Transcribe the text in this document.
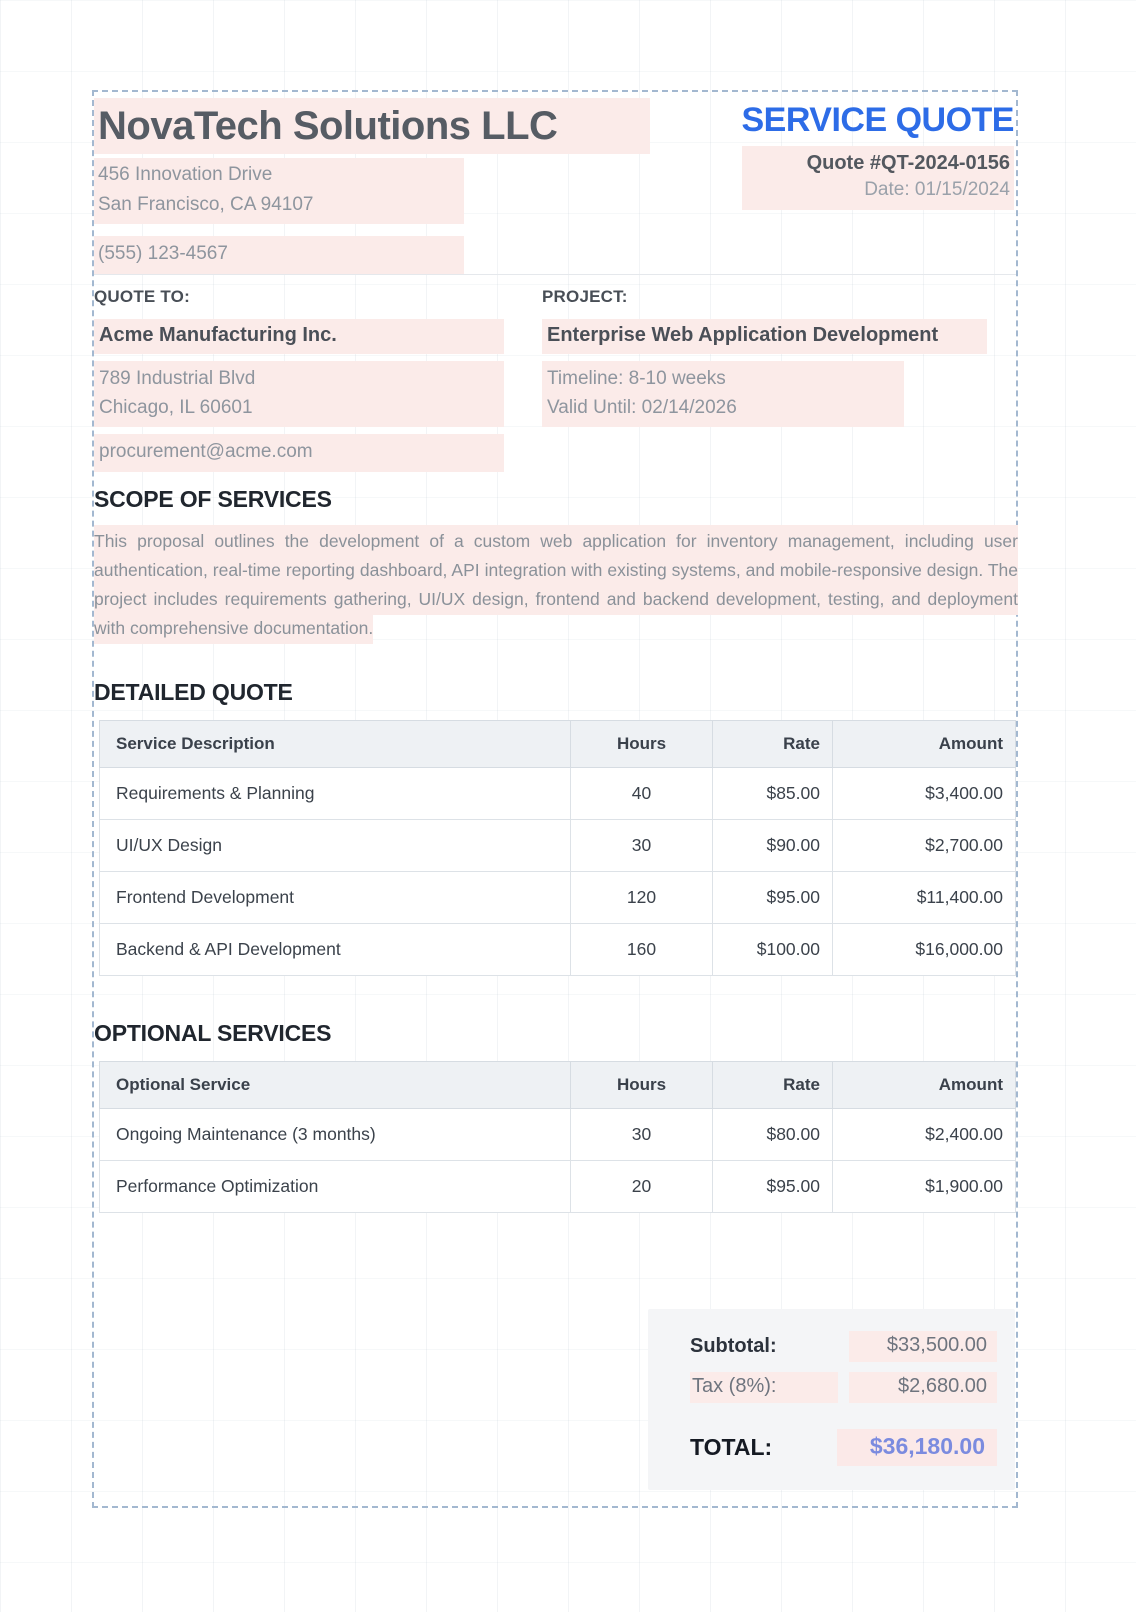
NovaTech Solutions LLC
456 Innovation Drive
San Francisco, CA 94107
(555) 123-4567
SERVICE QUOTE
Quote #QT-2024-0156
Date: 01/15/2024
QUOTE TO:
Acme Manufacturing Inc.
789 Industrial Blvd
Chicago, IL 60601
procurement@acme.com
PROJECT:
Enterprise Web Application Development
Timeline: 8-10 weeks
Valid Until: 02/14/2026
SCOPE OF SERVICES
This proposal outlines the development of a custom web application for inventory management, including user authentication, real-time reporting dashboard, API integration with existing systems, and mobile-responsive design. The project includes requirements gathering, UI/UX design, frontend and backend development, testing, and deployment with comprehensive documentation.
DETAILED QUOTE
Service Description	Hours	Rate	Amount
Requirements & Planning	40	$85.00	$3,400.00
UI/UX Design	30	$90.00	$2,700.00
Frontend Development	120	$95.00	$11,400.00
Backend & API Development	160	$100.00	$16,000.00
OPTIONAL SERVICES
Optional Service	Hours	Rate	Amount
Ongoing Maintenance (3 months)	30	$80.00	$2,400.00
Performance Optimization	20	$95.00	$1,900.00
Subtotal:	$33,500.00
Tax (8%):	$2,680.00
TOTAL:	$36,180.00
